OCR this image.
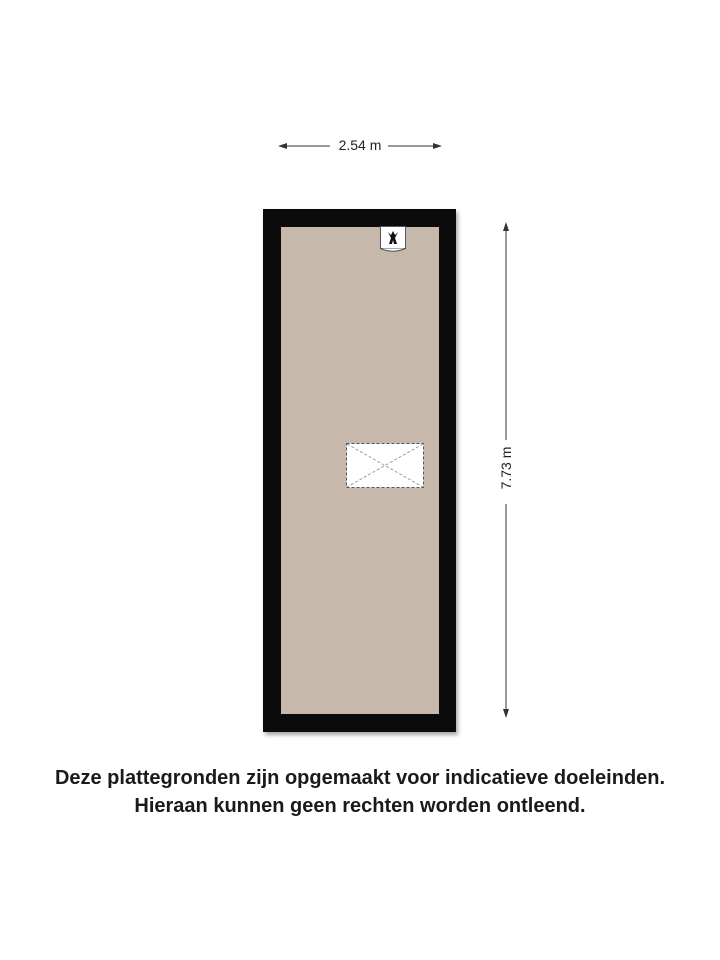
2.54 m
7.73 m
Deze plattegronden zijn opgemaakt voor indicatieve doeleinden.
Hieraan kunnen geen rechten worden ontleend.
